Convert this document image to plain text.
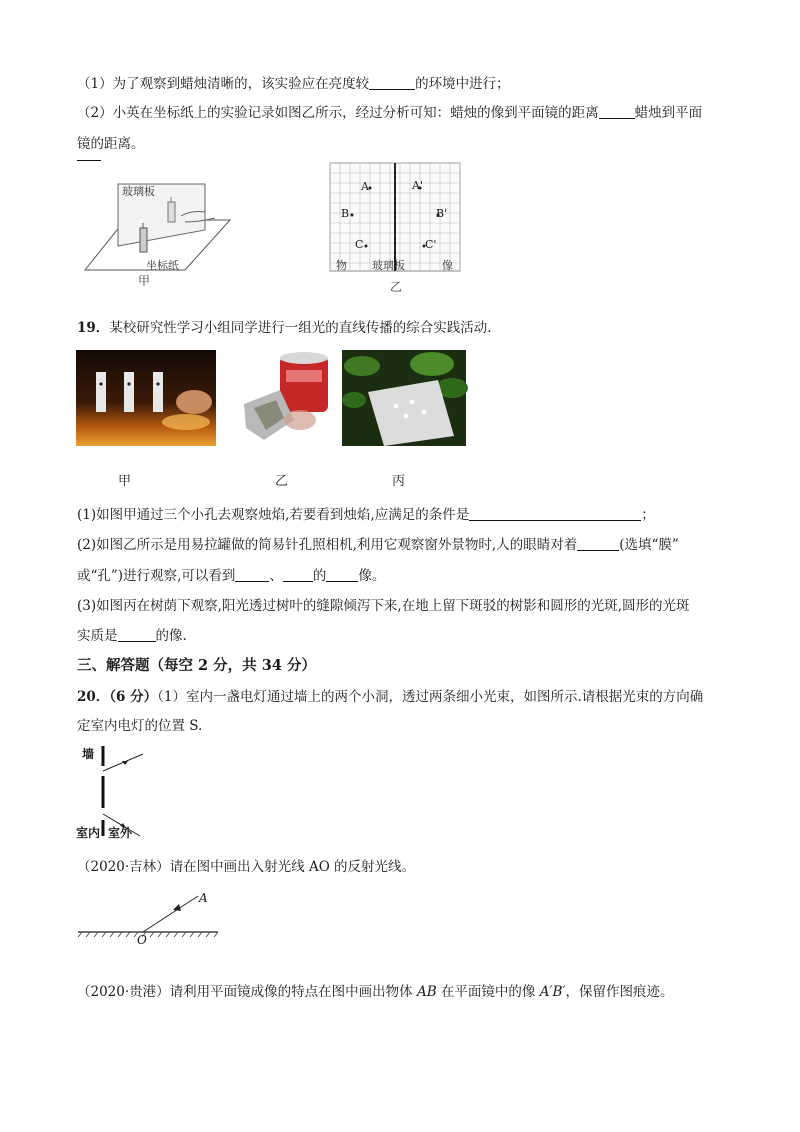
（1）为了观察到蜡烛清晰的，该实验应在亮度较	的环境中进行；
（2）小英在坐标纸上的实验记录如图乙所示，经过分析可知：蜡烛的像到平面镜的距离	蜡烛到平面
镜的距离。
玻璃板
坐标纸
甲
A
B
C
A'
B'
C'
物 玻璃板	像
乙
19．某校研究性学习小组同学进行一组光的直线传播的综合实践活动.
甲	乙	丙
(1)如图甲通过三个小孔去观察烛焰,若要看到烛焰,应满足的条件是	；
(2)如图乙所示是用易拉罐做的简易针孔照相机,利用它观察窗外景物时,人的眼睛对着	(选填“膜”
或“孔”)进行观察,可以看到	、 的 像。
(3)如图丙在树荫下观察,阳光透过树叶的缝隙倾泻下来,在地上留下斑驳的树影和圆形的光斑,圆形的光斑
实质是	的像.
三、解答题（每空 2 分，共 34 分）
20．（6 分）（1）室内一盏电灯通过墙上的两个小洞，透过两条细小光束，如图所示.请根据光束的方向确
定室内电灯的位置 S.
墙
室内 室外
（2020·吉林）请在图中画出入射光线 AO 的反射光线。
A
O
（2020·贵港）请利用平面镜成像的特点在图中画出物体 AB 在平面镜中的像 A′B′，保留作图痕迹。
